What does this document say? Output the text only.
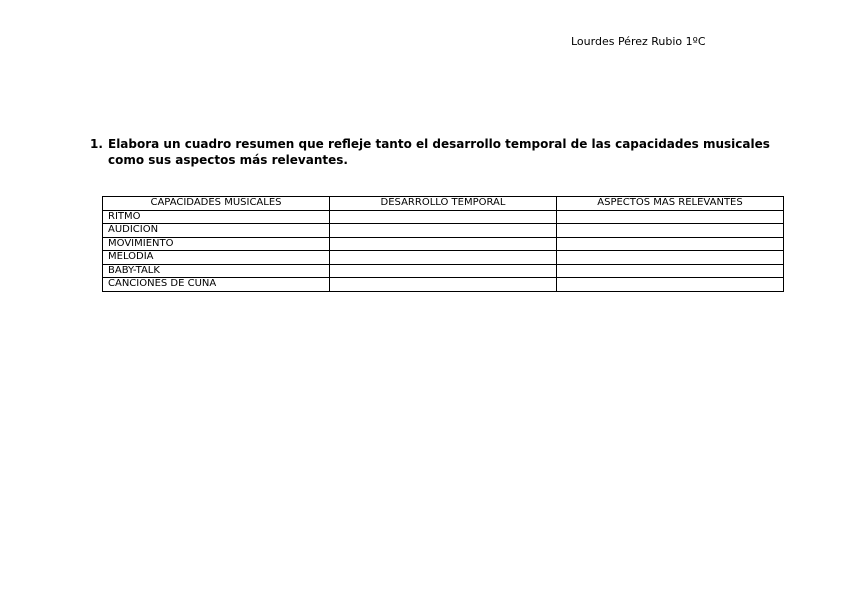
Lourdes Pérez Rubio 1ºC
1. Elabora un cuadro resumen que refleje tanto el desarrollo temporal de las capacidades musicales
como sus aspectos más relevantes.
CAPACIDADES MUSICALES	DESARROLLO TEMPORAL	ASPECTOS MAS RELEVANTES
RITMO		
AUDICIÓN		
MOVIMIENTO		
MELODÍA		
BABY-TALK		
CANCIONES DE CUNA		
